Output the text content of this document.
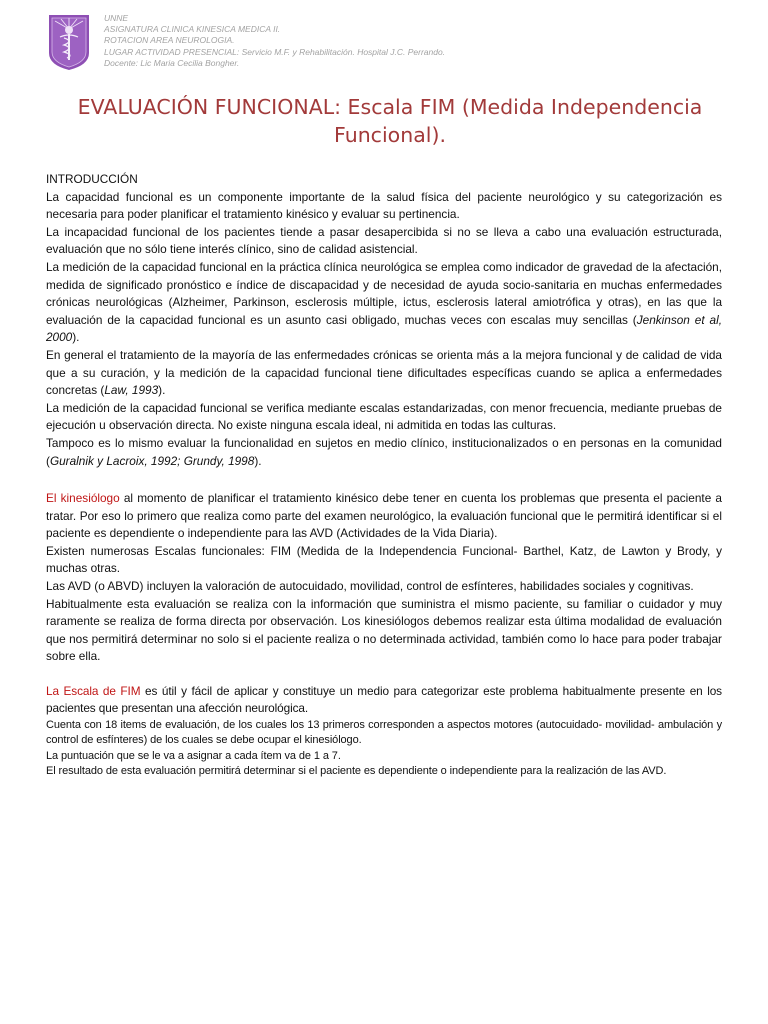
UNNE
ASIGNATURA CLINICA KINESICA MEDICA II.
ROTACION AREA NEUROLOGIA.
LUGAR ACTIVIDAD PRESENCIAL: Servicio M.F. y Rehabilitación. Hospital J.C. Perrando.
Docente: Lic Maria Cecilia Bongher.
EVALUACIÓN FUNCIONAL: Escala FIM (Medida Independencia Funcional).

INTRODUCCIÓN

La capacidad funcional es un componente importante de la salud física del paciente neurológico y su categorización es necesaria para poder planificar el tratamiento kinésico y evaluar su pertinencia.

La incapacidad funcional de los pacientes tiende a pasar desapercibida si no se lleva a cabo una evaluación estructurada, evaluación que no sólo tiene interés clínico, sino de calidad asistencial.

La medición de la capacidad funcional en la práctica clínica neurológica se emplea como indicador de gravedad de la afectación, medida de significado pronóstico e índice de discapacidad y de necesidad de ayuda socio-sanitaria en muchas enfermedades crónicas neurológicas (Alzheimer, Parkinson, esclerosis múltiple, ictus, esclerosis lateral amiotrófica y otras), en las que la evaluación de la capacidad funcional es un asunto casi obligado, muchas veces con escalas muy sencillas (Jenkinson et al, 2000).

En general el tratamiento de la mayoría de las enfermedades crónicas se orienta más a la mejora funcional y de calidad de vida que a su curación, y la medición de la capacidad funcional tiene dificultades específicas cuando se aplica a enfermedades concretas (Law, 1993).

La medición de la capacidad funcional se verifica mediante escalas estandarizadas, con menor frecuencia, mediante pruebas de ejecución u observación directa. No existe ninguna escala ideal, ni admitida en todas las culturas.

Tampoco es lo mismo evaluar la funcionalidad en sujetos en medio clínico, institucionalizados o en personas en la comunidad (Guralnik y Lacroix, 1992; Grundy, 1998).

El kinesiólogo al momento de planificar el tratamiento kinésico debe tener en cuenta los problemas que presenta el paciente a tratar. Por eso lo primero que realiza como parte del examen neurológico, la evaluación funcional que le permitirá identificar si el paciente es dependiente o independiente para las AVD (Actividades de la Vida Diaria).

Existen numerosas Escalas funcionales: FIM (Medida de la Independencia Funcional- Barthel, Katz, de Lawton y Brody, y muchas otras.

Las AVD (o ABVD) incluyen la valoración de autocuidado, movilidad, control de esfínteres, habilidades sociales y cognitivas.

Habitualmente esta evaluación se realiza con la información que suministra el mismo paciente, su familiar o cuidador y muy raramente se realiza de forma directa por observación. Los kinesiólogos debemos realizar esta última modalidad de evaluación que nos permitirá determinar no solo si el paciente realiza o no determinada actividad, también como lo hace para poder trabajar sobre ella.

La Escala de FIM es útil y fácil de aplicar y constituye un medio para categorizar este problema habitualmente presente en los pacientes que presentan una afección neurológica.

Cuenta con 18 items de evaluación, de los cuales los 13 primeros corresponden a aspectos motores (autocuidado- movilidad- ambulación y control de esfínteres) de los cuales se debe ocupar el kinesiólogo.

La puntuación que se le va a asignar a cada ítem va de 1 a 7.

El resultado de esta evaluación permitirá determinar si el paciente es dependiente o independiente para la realización de las AVD.
